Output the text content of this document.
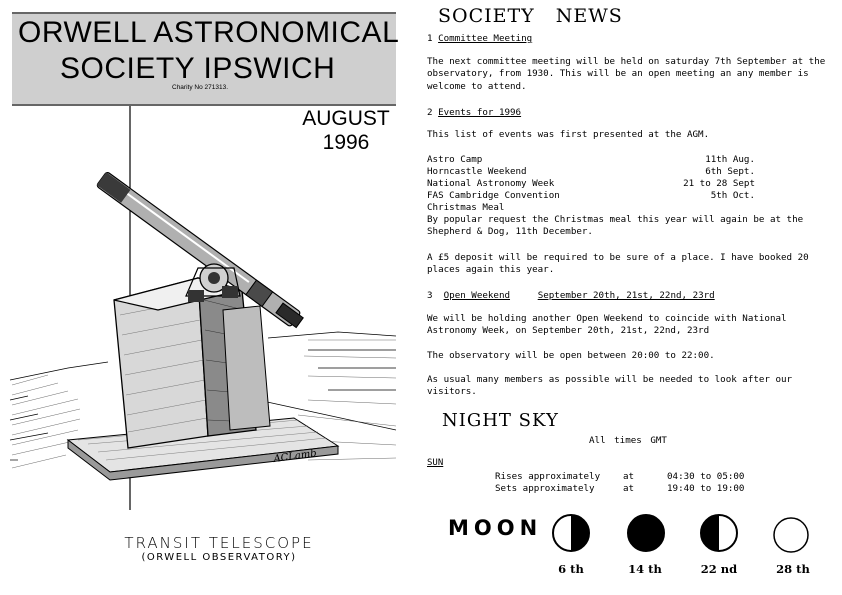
ORWELL ASTRONOMICAL
SOCIETY IPSWICH
Charity No 271313.
AUGUST
1996
ACLamb
TRANSIT TELESCOPE
(ORWELL OBSERVATORY)
SOCIETY NEWS
1 Committee Meeting
The next committee meeting will be held on saturday 7th September at the observatory, from 1930. This will be an open meeting an any member is welcome to attend.
2 Events for 1996
This list of events was first presented at the AGM.
Astro Camp	11th Aug.
Horncastle Weekend	6th Sept.
National Astronomy Week	21 to 28 Sept
FAS Cambridge Convention	5th Oct.
Christmas Meal
By popular request the Christmas meal this year will again be at the Shepherd & Dog, 11th December.
A £5 deposit will be required to be sure of a place. I have booked 20 places again this year.
3 Open Weekend	September 20th, 21st, 22nd, 23rd
We will be holding another Open Weekend to coincide with National Astronomy Week, on September 20th, 21st, 22nd, 23rd
The observatory will be open between 20:00 to 22:00.
As usual many members as possible will be needed to look after our visitors.
NIGHT SKY
All times GMT
SUN
Rises approximately at	04:30 to 05:00
Sets approximately	at	19:40 to 19:00
MOON
6 th	14 th	22 nd	28 th
